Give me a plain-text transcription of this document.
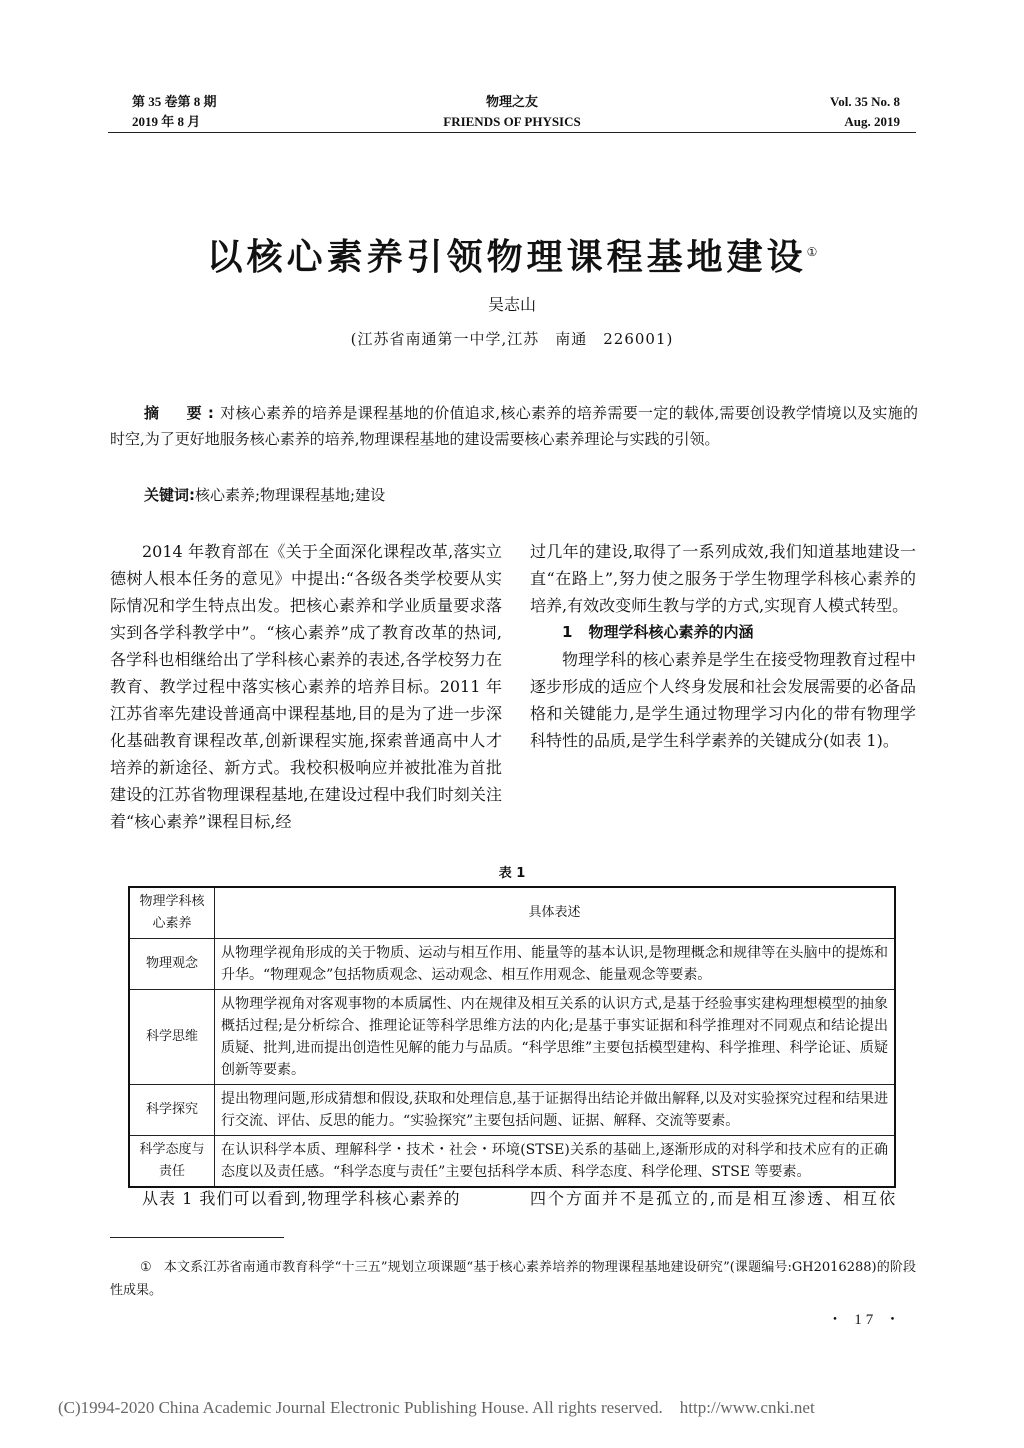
第 35 卷第 8 期
2019 年 8 月
物理之友
FRIENDS OF PHYSICS
Vol. 35 No. 8
Aug. 2019
以核心素养引领物理课程基地建设①
吴志山
(江苏省南通第一中学,江苏　南通　226001)
摘　要:对核心素养的培养是课程基地的价值追求,核心素养的培养需要一定的载体,需要创设教学情境以及实施的时空,为了更好地服务核心素养的培养,物理课程基地的建设需要核心素养理论与实践的引领。
关键词:核心素养;物理课程基地;建设
2014 年教育部在《关于全面深化课程改革,落实立德树人根本任务的意见》中提出:“各级各类学校要从实际情况和学生特点出发。把核心素养和学业质量要求落实到各学科教学中”。“核心素养”成了教育改革的热词,各学科也相继给出了学科核心素养的表述,各学校努力在教育、教学过程中落实核心素养的培养目标。2011 年江苏省率先建设普通高中课程基地,目的是为了进一步深化基础教育课程改革,创新课程实施,探索普通高中人才培养的新途径、新方式。我校积极响应并被批准为首批建设的江苏省物理课程基地,在建设过程中我们时刻关注着“核心素养”课程目标,经

过几年的建设,取得了一系列成效,我们知道基地建设一直“在路上”,努力使之服务于学生物理学科核心素养的培养,有效改变师生教与学的方式,实现育人模式转型。

1 物理学科核心素养的内涵

物理学科的核心素养是学生在接受物理教育过程中逐步形成的适应个人终身发展和社会发展需要的必备品格和关键能力,是学生通过物理学习内化的带有物理学科特性的品质,是学生科学素养的关键成分(如表 1)。

表 1
物理学科核心素养	具体表述
物理观念	从物理学视角形成的关于物质、运动与相互作用、能量等的基本认识,是物理概念和规律等在头脑中的提炼和升华。“物理观念”包括物质观念、运动观念、相互作用观念、能量观念等要素。
科学思维	从物理学视角对客观事物的本质属性、内在规律及相互关系的认识方式,是基于经验事实建构理想模型的抽象概括过程;是分析综合、推理论证等科学思维方法的内化;是基于事实证据和科学推理对不同观点和结论提出质疑、批判,进而提出创造性见解的能力与品质。“科学思维”主要包括模型建构、科学推理、科学论证、质疑创新等要素。
科学探究	提出物理问题,形成猜想和假设,获取和处理信息,基于证据得出结论并做出解释,以及对实验探究过程和结果进行交流、评估、反思的能力。“实验探究”主要包括问题、证据、解释、交流等要素。
科学态度与责任	在认识科学本质、理解科学・技术・社会・环境(STSE)关系的基础上,逐渐形成的对科学和技术应有的正确态度以及责任感。“科学态度与责任”主要包括科学本质、科学态度、科学伦理、STSE 等要素。
从表 1 我们可以看到,物理学科核心素养的	四个方面并不是孤立的,而是相互渗透、相互依
① 本文系江苏省南通市教育科学“十三五”规划立项课题“基于核心素养培养的物理课程基地建设研究”(课题编号:GH2016288)的阶段性成果。
・ 17 ・
(C)1994-2020 China Academic Journal Electronic Publishing House. All rights reserved.    http://www.cnki.net
